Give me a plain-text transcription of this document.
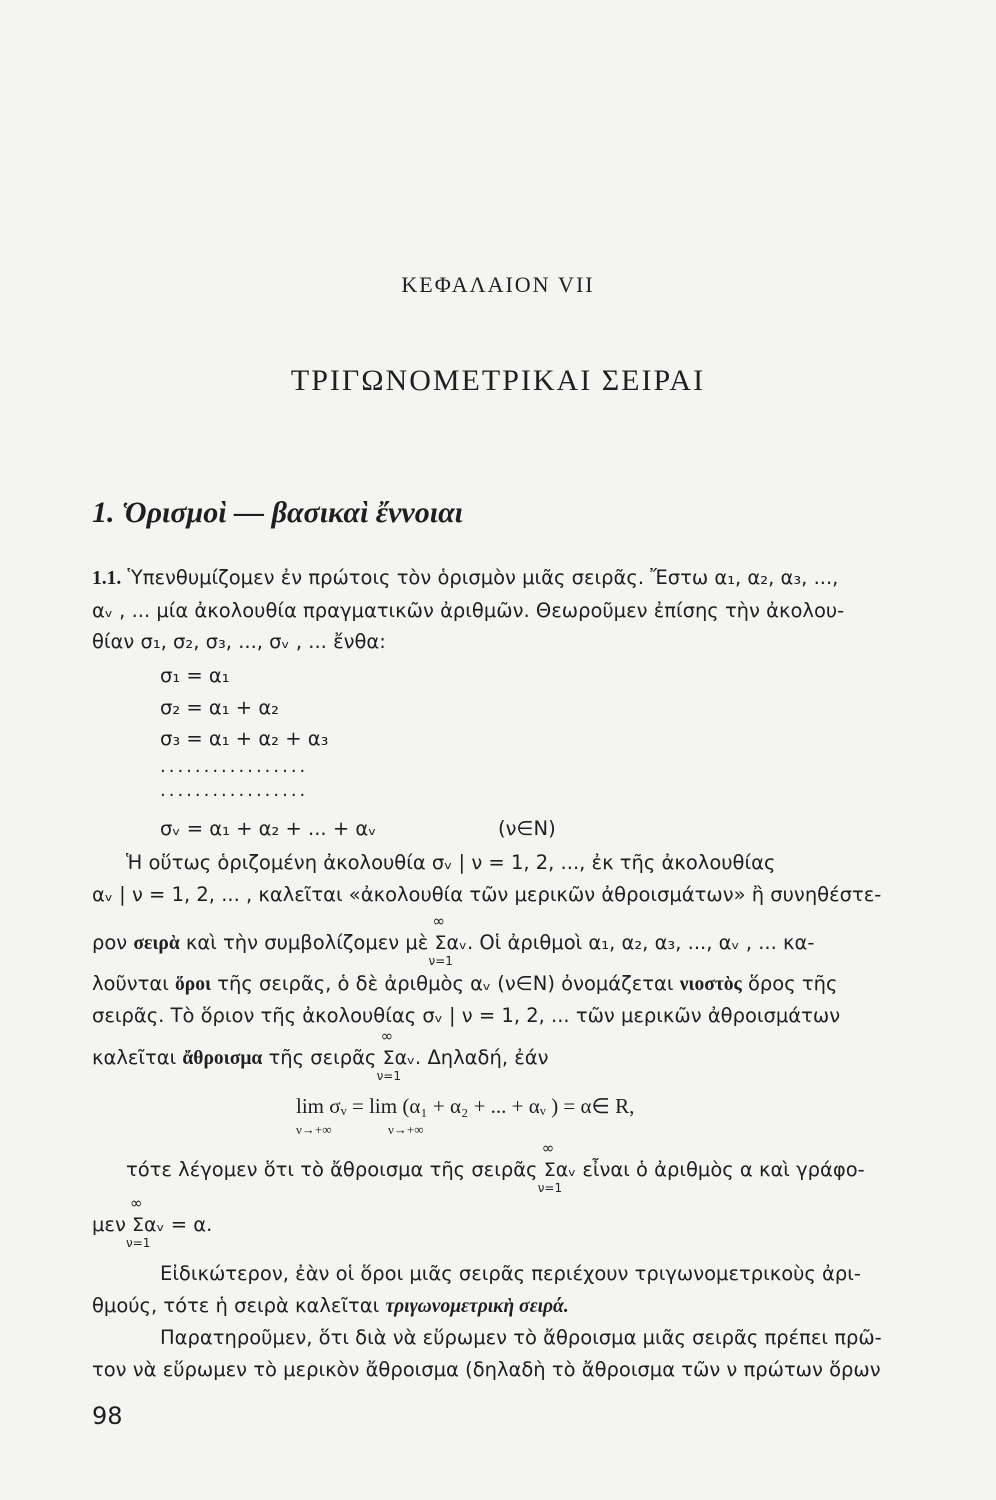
ΚΕΦΑΛΑΙΟΝ VII
ΤΡΙΓΩΝΟΜΕΤΡΙΚΑΙ ΣΕΙΡΑΙ
1. Ὁρισμοὶ — βασικαὶ ἔννοιαι
1.1. Ὑπενθυμίζομεν ἐν πρώτοις τὸν ὁρισμὸν μιᾶς σειρᾶς. Ἔστω α₁, α₂, α₃, ...,
αᵥ , ... μία ἀκολουθία πραγματικῶν ἀριθμῶν. Θεωροῦμεν ἐπίσης τὴν ἀκολου-
θίαν σ₁, σ₂, σ₃, ..., σᵥ , ... ἔνθα:
σ₁ = α₁
σ₂ = α₁ + α₂
σ₃ = α₁ + α₂ + α₃
.................
.................
σᵥ = α₁ + α₂ + ... + αᵥ	(ν∈N)
Ἡ οὕτως ὁριζομένη ἀκολουθία σᵥ | ν = 1, 2, ..., ἐκ τῆς ἀκολουθίας
αᵥ | ν = 1, 2, ... , καλεῖται «ἀκολουθία τῶν μερικῶν ἀθροισμάτων» ἢ συνηθέστε-
ρον σειρὰ καὶ τὴν συμβολίζομεν μὲ
∞
Σαᵥ
ν=1
. Οἱ ἀριθμοὶ α₁, α₂, α₃, ..., αᵥ , ... κα-
λοῦνται ὅροι τῆς σειρᾶς, ὁ δὲ ἀριθμὸς αᵥ (ν∈N) ὀνομάζεται νιοστὸς ὅρος τῆς
σειρᾶς. Τὸ ὅριον τῆς ἀκολουθίας σᵥ | ν = 1, 2, ... τῶν μερικῶν ἀθροισμάτων
καλεῖται ἄθροισμα τῆς σειρᾶς
∞
Σαᵥ
ν=1
. Δηλαδή, ἐάν
lim σᵥ = lim (α₁ + α₂ + ... + αᵥ ) = α∈ R,
ν→+∞	ν→+∞
τότε λέγομεν ὅτι τὸ ἄθροισμα τῆς σειρᾶς
∞
Σαᵥ
ν=1
εἶναι ὁ ἀριθμὸς α καὶ γράφο-
μεν
∞
Σαᵥ
ν=1
= α.
Εἰδικώτερον, ἐὰν οἱ ὅροι μιᾶς σειρᾶς περιέχουν τριγωνομετρικοὺς ἀρι-
θμούς, τότε ἡ σειρὰ καλεῖται τριγωνομετρικὴ σειρά.
Παρατηροῦμεν, ὅτι διὰ νὰ εὕρωμεν τὸ ἄθροισμα μιᾶς σειρᾶς πρέπει πρῶ-
τον νὰ εὕρωμεν τὸ μερικὸν ἄθροισμα (δηλαδὴ τὸ ἄθροισμα τῶν ν πρώτων ὅρων
98
